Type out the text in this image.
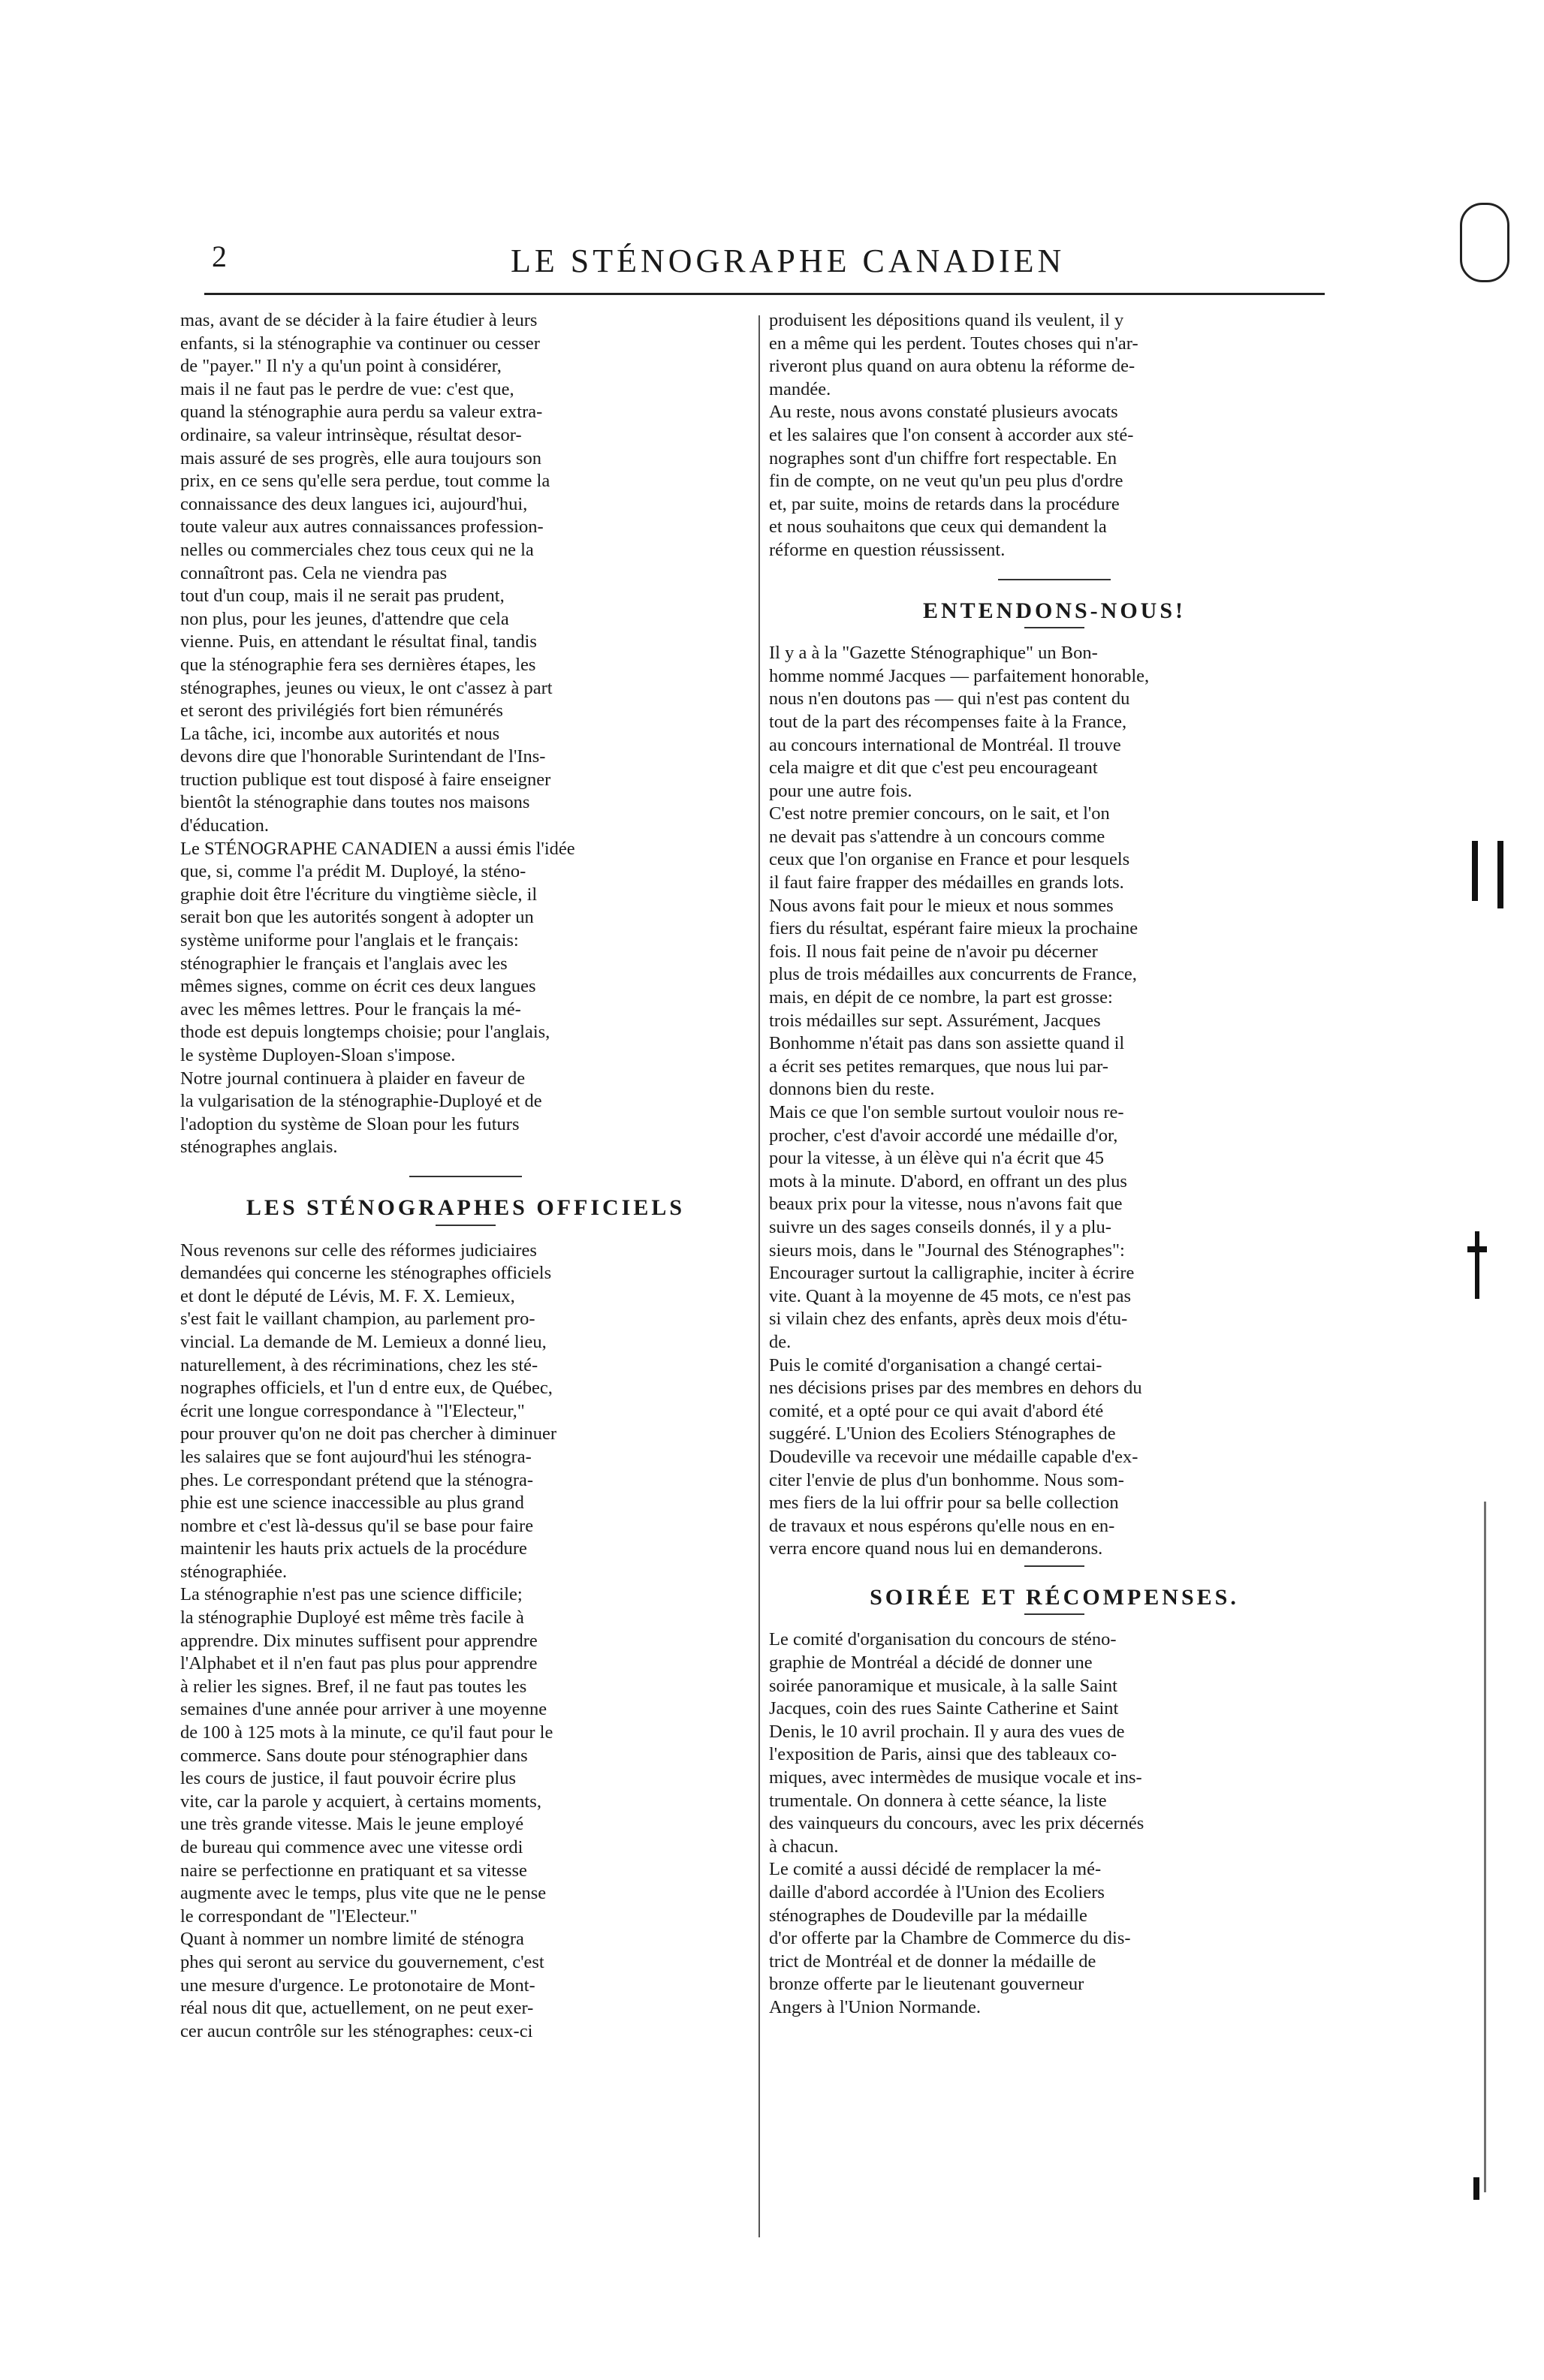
2	LE STÉNOGRAPHE CANADIEN
mas, avant de se décider à la faire étudier à leurs
enfants, si la sténographie va continuer ou cesser
de "payer." Il n'y a qu'un point à considérer,
mais il ne faut pas le perdre de vue: c'est que,
quand la sténographie aura perdu sa valeur extra-
ordinaire, sa valeur intrinsèque, résultat desor-
mais assuré de ses progrès, elle aura toujours son
prix, en ce sens qu'elle sera perdue, tout comme la
connaissance des deux langues ici, aujourd'hui,
toute valeur aux autres connaissances profession-
nelles ou commerciales chez tous ceux qui ne la
connaîtront pas. Cela ne viendra pas
tout d'un coup, mais il ne serait pas prudent,
non plus, pour les jeunes, d'attendre que cela
vienne. Puis, en attendant le résultat final, tandis
que la sténographie fera ses dernières étapes, les
sténographes, jeunes ou vieux, le ont c'assez à part
et seront des privilégiés fort bien rémunérés
La tâche, ici, incombe aux autorités et nous
devons dire que l'honorable Surintendant de l'Ins-
truction publique est tout disposé à faire enseigner
bientôt la sténographie dans toutes nos maisons
d'éducation.
Le STÉNOGRAPHE CANADIEN a aussi émis l'idée
que, si, comme l'a prédit M. Duployé, la sténo-
graphie doit être l'écriture du vingtième siècle, il
serait bon que les autorités songent à adopter un
système uniforme pour l'anglais et le français:
sténographier le français et l'anglais avec les
mêmes signes, comme on écrit ces deux langues
avec les mêmes lettres. Pour le français la mé-
thode est depuis longtemps choisie; pour l'anglais,
le système Duployen-Sloan s'impose.
Notre journal continuera à plaider en faveur de
la vulgarisation de la sténographie-Duployé et de
l'adoption du système de Sloan pour les futurs
sténographes anglais.
LES STÉNOGRAPHES OFFICIELS
Nous revenons sur celle des réformes judiciaires
demandées qui concerne les sténographes officiels
et dont le député de Lévis, M. F. X. Lemieux,
s'est fait le vaillant champion, au parlement pro-
vincial. La demande de M. Lemieux a donné lieu,
naturellement, à des récriminations, chez les sté-
nographes officiels, et l'un d entre eux, de Québec,
écrit une longue correspondance à "l'Electeur,"
pour prouver qu'on ne doit pas chercher à diminuer
les salaires que se font aujourd'hui les sténogra-
phes. Le correspondant prétend que la sténogra-
phie est une science inaccessible au plus grand
nombre et c'est là-dessus qu'il se base pour faire
maintenir les hauts prix actuels de la procédure
sténographiée.
La sténographie n'est pas une science difficile;
la sténographie Duployé est même très facile à
apprendre. Dix minutes suffisent pour apprendre
l'Alphabet et il n'en faut pas plus pour apprendre
à relier les signes. Bref, il ne faut pas toutes les
semaines d'une année pour arriver à une moyenne
de 100 à 125 mots à la minute, ce qu'il faut pour le
commerce. Sans doute pour sténographier dans
les cours de justice, il faut pouvoir écrire plus
vite, car la parole y acquiert, à certains moments,
une très grande vitesse. Mais le jeune employé
de bureau qui commence avec une vitesse ordi
naire se perfectionne en pratiquant et sa vitesse
augmente avec le temps, plus vite que ne le pense
le correspondant de "l'Electeur."
Quant à nommer un nombre limité de sténogra
phes qui seront au service du gouvernement, c'est
une mesure d'urgence. Le protonotaire de Mont-
réal nous dit que, actuellement, on ne peut exer-
cer aucun contrôle sur les sténographes: ceux-ci
produisent les dépositions quand ils veulent, il y
en a même qui les perdent. Toutes choses qui n'ar-
riveront plus quand on aura obtenu la réforme de-
mandée.
Au reste, nous avons constaté plusieurs avocats
et les salaires que l'on consent à accorder aux sté-
nographes sont d'un chiffre fort respectable. En
fin de compte, on ne veut qu'un peu plus d'ordre
et, par suite, moins de retards dans la procédure
et nous souhaitons que ceux qui demandent la
réforme en question réussissent.
ENTENDONS-NOUS!
Il y a à la "Gazette Sténographique" un Bon-
homme nommé Jacques — parfaitement honorable,
nous n'en doutons pas — qui n'est pas content du
tout de la part des récompenses faite à la France,
au concours international de Montréal. Il trouve
cela maigre et dit que c'est peu encourageant
pour une autre fois.
C'est notre premier concours, on le sait, et l'on
ne devait pas s'attendre à un concours comme
ceux que l'on organise en France et pour lesquels
il faut faire frapper des médailles en grands lots.
Nous avons fait pour le mieux et nous sommes
fiers du résultat, espérant faire mieux la prochaine
fois. Il nous fait peine de n'avoir pu décerner
plus de trois médailles aux concurrents de France,
mais, en dépit de ce nombre, la part est grosse:
trois médailles sur sept. Assurément, Jacques
Bonhomme n'était pas dans son assiette quand il
a écrit ses petites remarques, que nous lui par-
donnons bien du reste.
Mais ce que l'on semble surtout vouloir nous re-
procher, c'est d'avoir accordé une médaille d'or,
pour la vitesse, à un élève qui n'a écrit que 45
mots à la minute. D'abord, en offrant un des plus
beaux prix pour la vitesse, nous n'avons fait que
suivre un des sages conseils donnés, il y a plu-
sieurs mois, dans le "Journal des Sténographes":
Encourager surtout la calligraphie, inciter à écrire
vite. Quant à la moyenne de 45 mots, ce n'est pas
si vilain chez des enfants, après deux mois d'étu-
de.
Puis le comité d'organisation a changé certai-
nes décisions prises par des membres en dehors du
comité, et a opté pour ce qui avait d'abord été
suggéré. L'Union des Ecoliers Sténographes de
Doudeville va recevoir une médaille capable d'ex-
citer l'envie de plus d'un bonhomme. Nous som-
mes fiers de la lui offrir pour sa belle collection
de travaux et nous espérons qu'elle nous en en-
verra encore quand nous lui en demanderons.
SOIRÉE ET RÉCOMPENSES.
Le comité d'organisation du concours de sténo-
graphie de Montréal a décidé de donner une
soirée panoramique et musicale, à la salle Saint
Jacques, coin des rues Sainte Catherine et Saint
Denis, le 10 avril prochain. Il y aura des vues de
l'exposition de Paris, ainsi que des tableaux co-
miques, avec intermèdes de musique vocale et ins-
trumentale. On donnera à cette séance, la liste
des vainqueurs du concours, avec les prix décernés
à chacun.
Le comité a aussi décidé de remplacer la mé-
daille d'abord accordée à l'Union des Ecoliers
sténographes de Doudeville par la médaille
d'or offerte par la Chambre de Commerce du dis-
trict de Montréal et de donner la médaille de
bronze offerte par le lieutenant gouverneur
Angers à l'Union Normande.
